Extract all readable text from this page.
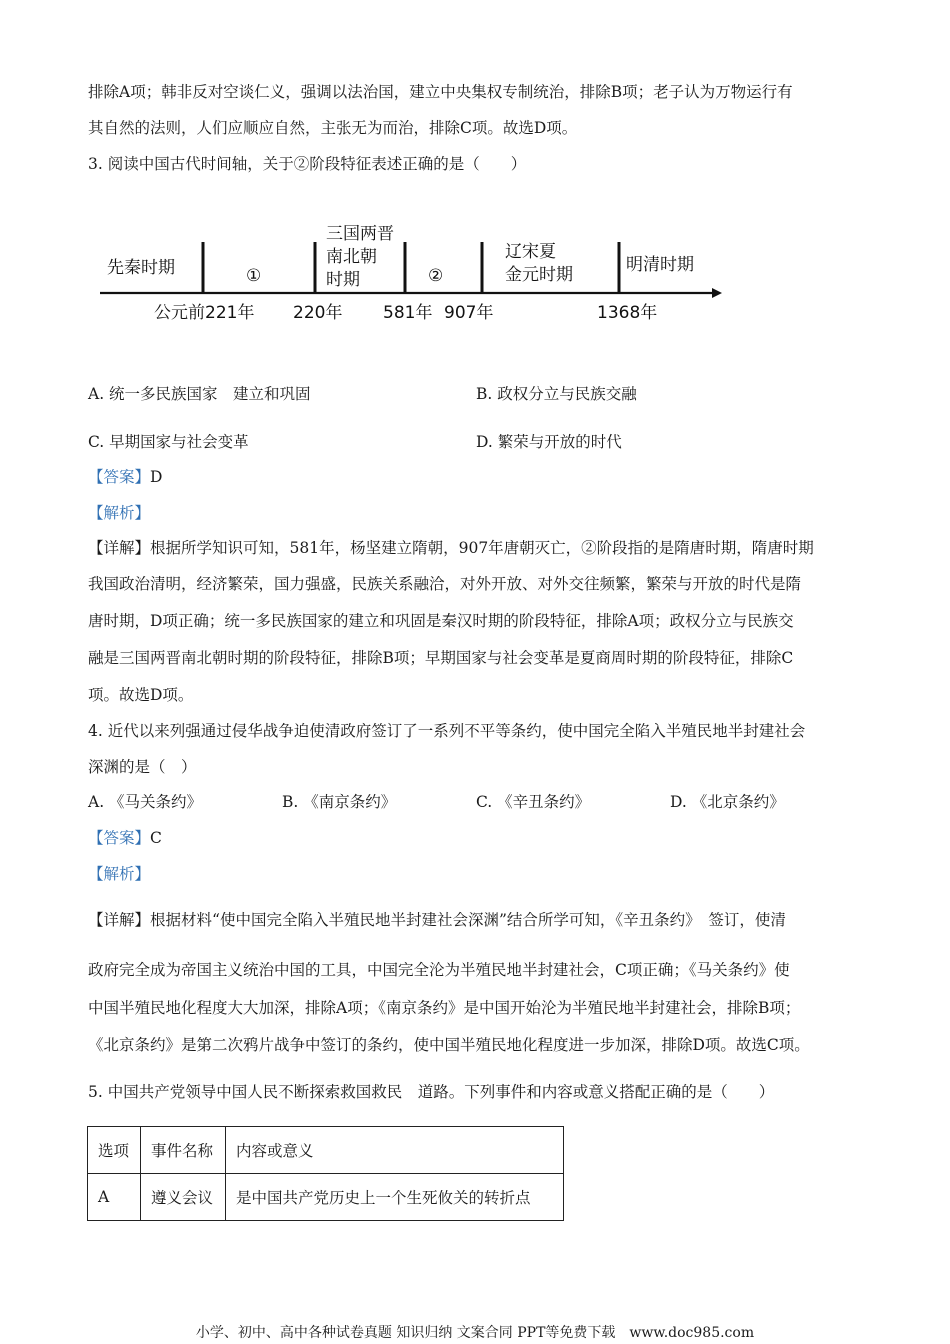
排除A项；韩非反对空谈仁义，强调以法治国，建立中央集权专制统治，排除B项；老子认为万物运行有
其自然的法则，人们应顺应自然，主张无为而治，排除C项。故选D项。
3. 阅读中国古代时间轴，关于②阶段特征表述正确的是（　　）
先秦时期	①
三国两晋
南北朝
时期	②
辽宋夏
金元时期	明清时期
公元前221年 220年 581年 907年	1368年
A. 统一多民族国家　建立和巩固	B. 政权分立与民族交融
C. 早期国家与社会变革	D. 繁荣与开放的时代
【答案】D
【解析】
【详解】根据所学知识可知，581年，杨坚建立隋朝，907年唐朝灭亡，②阶段指的是隋唐时期，隋唐时期
我国政治清明，经济繁荣，国力强盛，民族关系融洽，对外开放、对外交往频繁，繁荣与开放的时代是隋
唐时期，D项正确；统一多民族国家的建立和巩固是秦汉时期的阶段特征，排除A项；政权分立与民族交
融是三国两晋南北朝时期的阶段特征，排除B项；早期国家与社会变革是夏商周时期的阶段特征，排除C
项。故选D项。
4. 近代以来列强通过侵华战争迫使清政府签订了一系列不平等条约，使中国完全陷入半殖民地半封建社会
深渊的是（　）
A. 《马关条约》	B. 《南京条约》	C. 《辛丑条约》	D. 《北京条约》
【答案】C
【解析】
【详解】根据材料“使中国完全陷入半殖民地半封建社会深渊”结合所学可知，《辛丑条约》　签订，使清
政府完全成为帝国主义统治中国的工具，中国完全沦为半殖民地半封建社会，C项正确；《马关条约》使
中国半殖民地化程度大大加深，排除A项；《南京条约》是中国开始沦为半殖民地半封建社会，排除B项；
《北京条约》是第二次鸦片战争中签订的条约，使中国半殖民地化程度进一步加深，排除D项。故选C项。
5. 中国共产党领导中国人民不断探索救国救民　道路。下列事件和内容或意义搭配正确的是（　　）
选项	事件名称	内容或意义
A	遵义会议	是中国共产党历史上一个生死攸关的转折点
小学、初中、高中各种试卷真题 知识归纳 文案合同 PPT等免费下载　www.doc985.com
